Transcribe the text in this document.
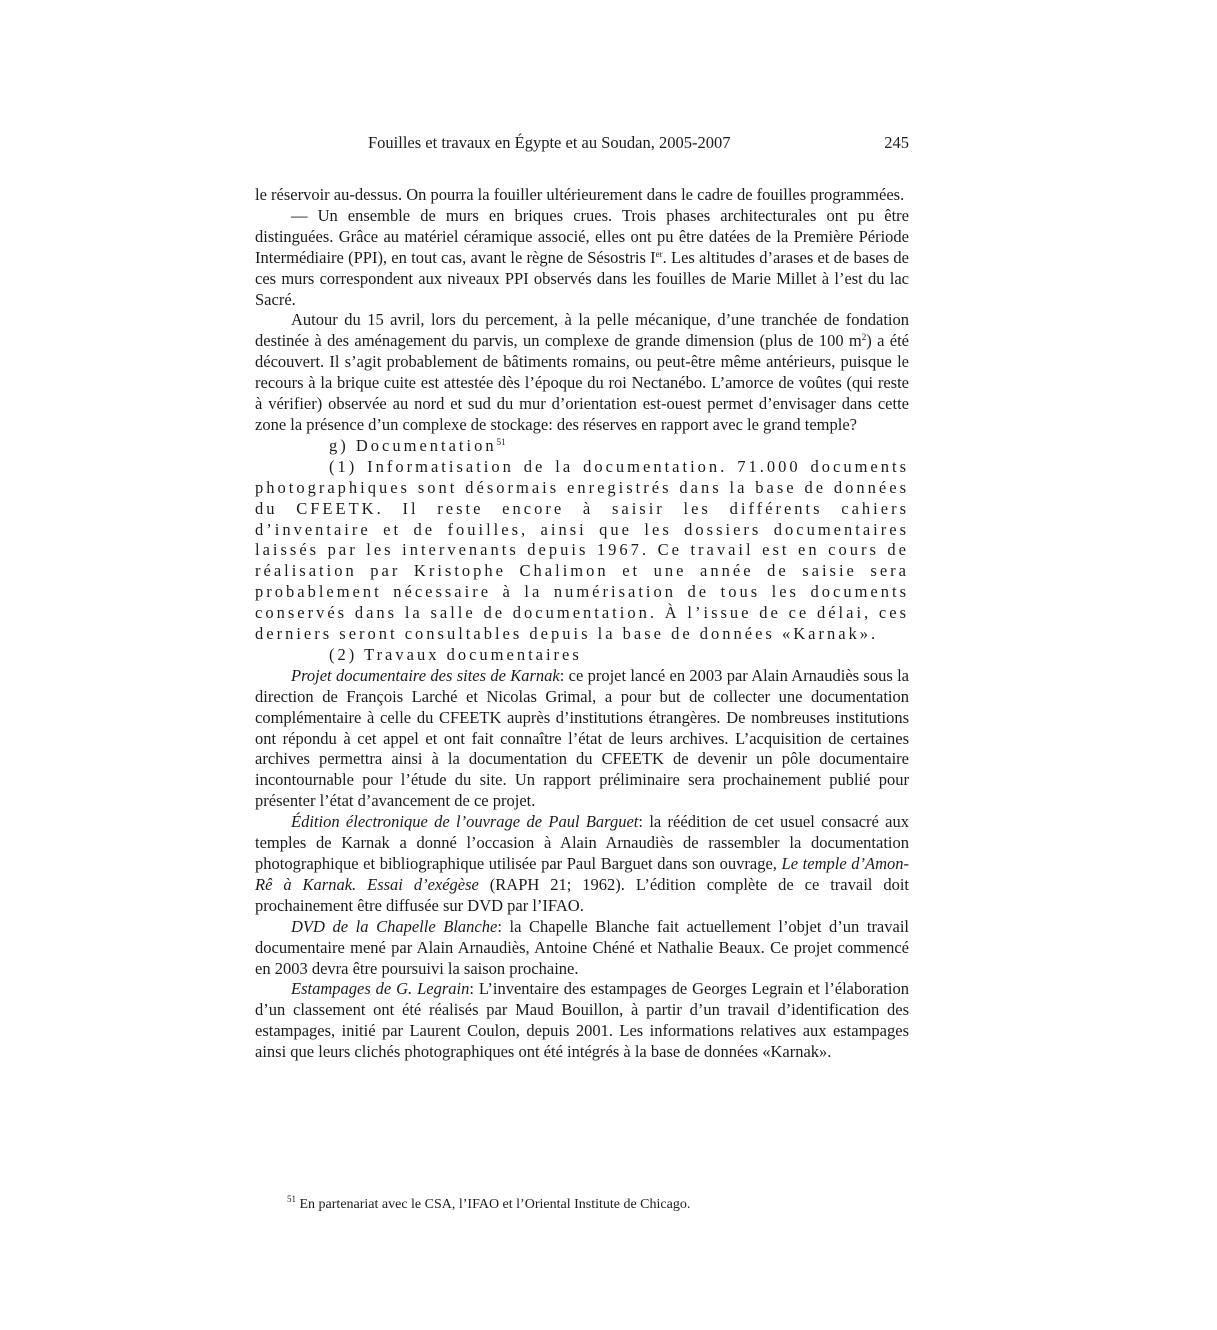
Fouilles et travaux en Égypte et au Soudan, 2005-2007	245

le réservoir au-dessus. On pourra la fouiller ultérieurement dans le cadre de fouilles programmées.

— Un ensemble de murs en briques crues. Trois phases architecturales ont pu être distinguées. Grâce au matériel céramique associé, elles ont pu être datées de la Première Période Intermédiaire (PPI), en tout cas, avant le règne de Sésostris Ier. Les altitudes d’arases et de bases de ces murs correspondent aux niveaux PPI observés dans les fouilles de Marie Millet à l’est du lac Sacré.

Autour du 15 avril, lors du percement, à la pelle mécanique, d’une tranchée de fondation destinée à des aménagement du parvis, un complexe de grande dimension (plus de 100 $m^2$) a été découvert. Il s’agit probablement de bâtiments romains, ou peut-être même antérieurs, puisque le recours à la brique cuite est attestée dès l’époque du roi Nectanébo. L’amorce de voûtes (qui reste à vérifier) observée au nord et sud du mur d’orientation est-ouest permet d’envisager dans cette zone la présence d’un complexe de stockage: des réserves en rapport avec le grand temple?

g) Documentation$^{51}$

(1) Informatisation de la documentation. 71.000 documents photographiques sont désormais enregistrés dans la base de données du CFEETK. Il reste encore à saisir les différents cahiers d’inventaire et de fouilles, ainsi que les dossiers documentaires laissés par les intervenants depuis 1967. Ce travail est en cours de réalisation par Kristophe Chalimon et une année de saisie sera probablement nécessaire à la numérisation de tous les documents conservés dans la salle de documentation. À l’issue de ce délai, ces derniers seront consultables depuis la base de données «Karnak».

(2) Travaux documentaires

Projet documentaire des sites de Karnak: ce projet lancé en 2003 par Alain Arnaudiès sous la direction de François Larché et Nicolas Grimal, a pour but de collecter une documentation complémentaire à celle du CFEETK auprès d’institutions étrangères. De nombreuses institutions ont répondu à cet appel et ont fait connaître l’état de leurs archives. L’acquisition de certaines archives permettra ainsi à la documentation du CFEETK de devenir un pôle documentaire incontournable pour l’étude du site. Un rapport préliminaire sera prochainement publié pour présenter l’état d’avancement de ce projet.

Édition électronique de l’ouvrage de Paul Barguet: la réédition de cet usuel consacré aux temples de Karnak a donné l’occasion à Alain Arnaudiès de rassembler la documentation photographique et bibliographique utilisée par Paul Barguet dans son ouvrage, Le temple d’Amon-Rê à Karnak. Essai d’exégèse (RAPH 21; 1962). L’édition complète de ce travail doit prochainement être diffusée sur DVD par l’IFAO.

DVD de la Chapelle Blanche: la Chapelle Blanche fait actuellement l’objet d’un travail documentaire mené par Alain Arnaudiès, Antoine Chéné et Nathalie Beaux. Ce projet commencé en 2003 devra être poursuivi la saison prochaine.

Estampages de G. Legrain: L’inventaire des estampages de Georges Legrain et l’élaboration d’un classement ont été réalisés par Maud Bouillon, à partir d’un travail d’identification des estampages, initié par Laurent Coulon, depuis 2001. Les informations relatives aux estampages ainsi que leurs clichés photographiques ont été intégrés à la base de données «Karnak».

$^{51}$ En partenariat avec le CSA, l’IFAO et l’Oriental Institute de Chicago.
